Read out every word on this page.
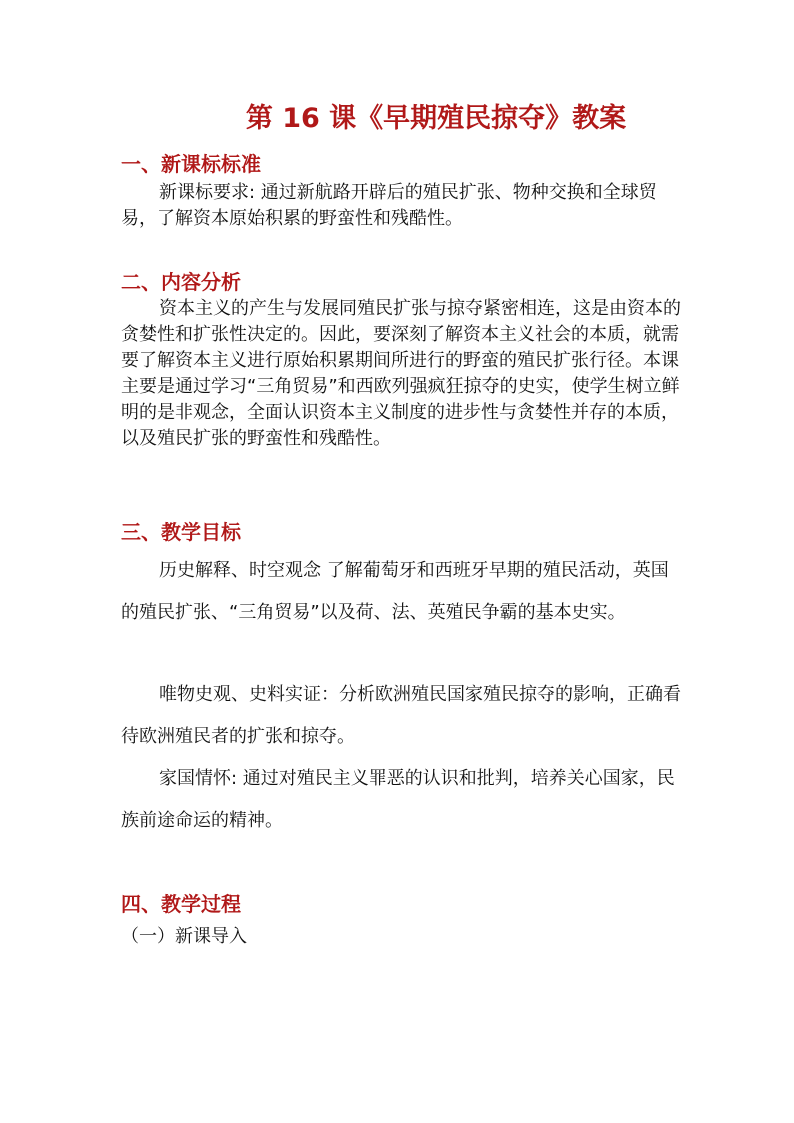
第 16 课《早期殖民掠夺》教案
一、新课标标准

新课标要求: 通过新航路开辟后的殖民扩张、物种交换和全球贸易，了解资本原始积累的野蛮性和残酷性。

二、内容分析

资本主义的产生与发展同殖民扩张与掠夺紧密相连，这是由资本的贪婪性和扩张性决定的。因此，要深刻了解资本主义社会的本质，就需要了解资本主义进行原始积累期间所进行的野蛮的殖民扩张行径。本课主要是通过学习“三角贸易”和西欧列强疯狂掠夺的史实，使学生树立鲜明的是非观念，全面认识资本主义制度的进步性与贪婪性并存的本质，以及殖民扩张的野蛮性和残酷性。

三、教学目标

历史解释、时空观念 了解葡萄牙和西班牙早期的殖民活动，英国的殖民扩张、“三角贸易”以及荷、法、英殖民争霸的基本史实。

唯物史观、史料实证：分析欧洲殖民国家殖民掠夺的影响，正确看待欧洲殖民者的扩张和掠夺。

家国情怀: 通过对殖民主义罪恶的认识和批判，培养关心国家，民族前途命运的精神。

四、教学过程
（一）新课导入
